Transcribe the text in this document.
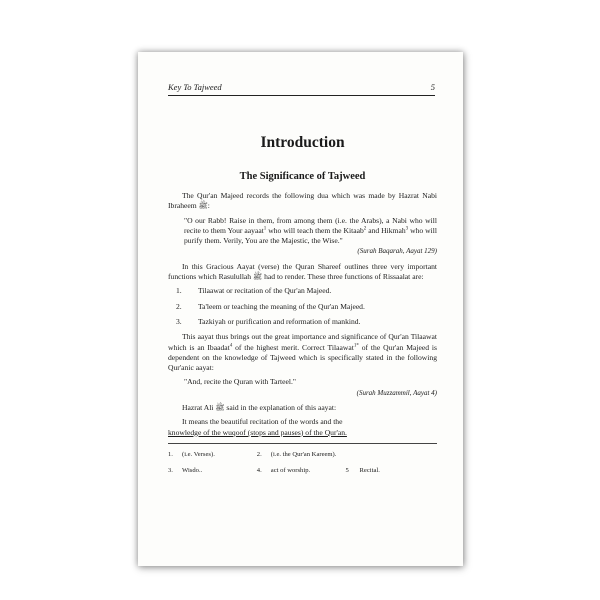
Key To Tajweed	5
Introduction
The Significance of Tajweed

The Qur'an Majeed records the following dua which was made by Hazrat Nabi Ibraheem ﷺ:

"O our Rabb! Raise in them, from among them (i.e. the Arabs), a Nabi who will recite to them Your aayaat$^1$ who will teach them the Kitaab$^2$ and Hikmah$^3$ who will purify them. Verily, You are the Majestic, the Wise."

(Surah Baqarah, Aayat 129)

In this Gracious Aayat (verse) the Quran Shareef outlines three very important functions which Rasulullah ﷺ had to render. These three functions of Rissaalat are:

1.	Tilaawat or recitation of the Qur'an Majeed.
2.	Ta'leem or teaching the meaning of the Qur'an Majeed.
3.	Tazkiyah or purification and reformation of mankind.

This aayat thus brings out the great importance and significance of Qur'an Tilaawat which is an Ibaadat$^4$ of the highest merit. Correct Tilaawat$^{1*}$ of the Qur'an Majeed is dependent on the knowledge of Tajweed which is specifically stated in the following Qur'anic aayat:

"And, recite the Quran with Tarteel."

(Surah Muzzammil, Aayat 4)

Hazrat Ali ﷺ said in the explanation of this aayat:

It means the beautiful recitation of the words and the
knowledge of the wuqoof (stops and pauses) of the Qur'an.

1.	(i.e. Verses).	2.	(i.e. the Qur'an Kareem).
3.	Wisdo..	4.	act of worship.	5	Recital.
